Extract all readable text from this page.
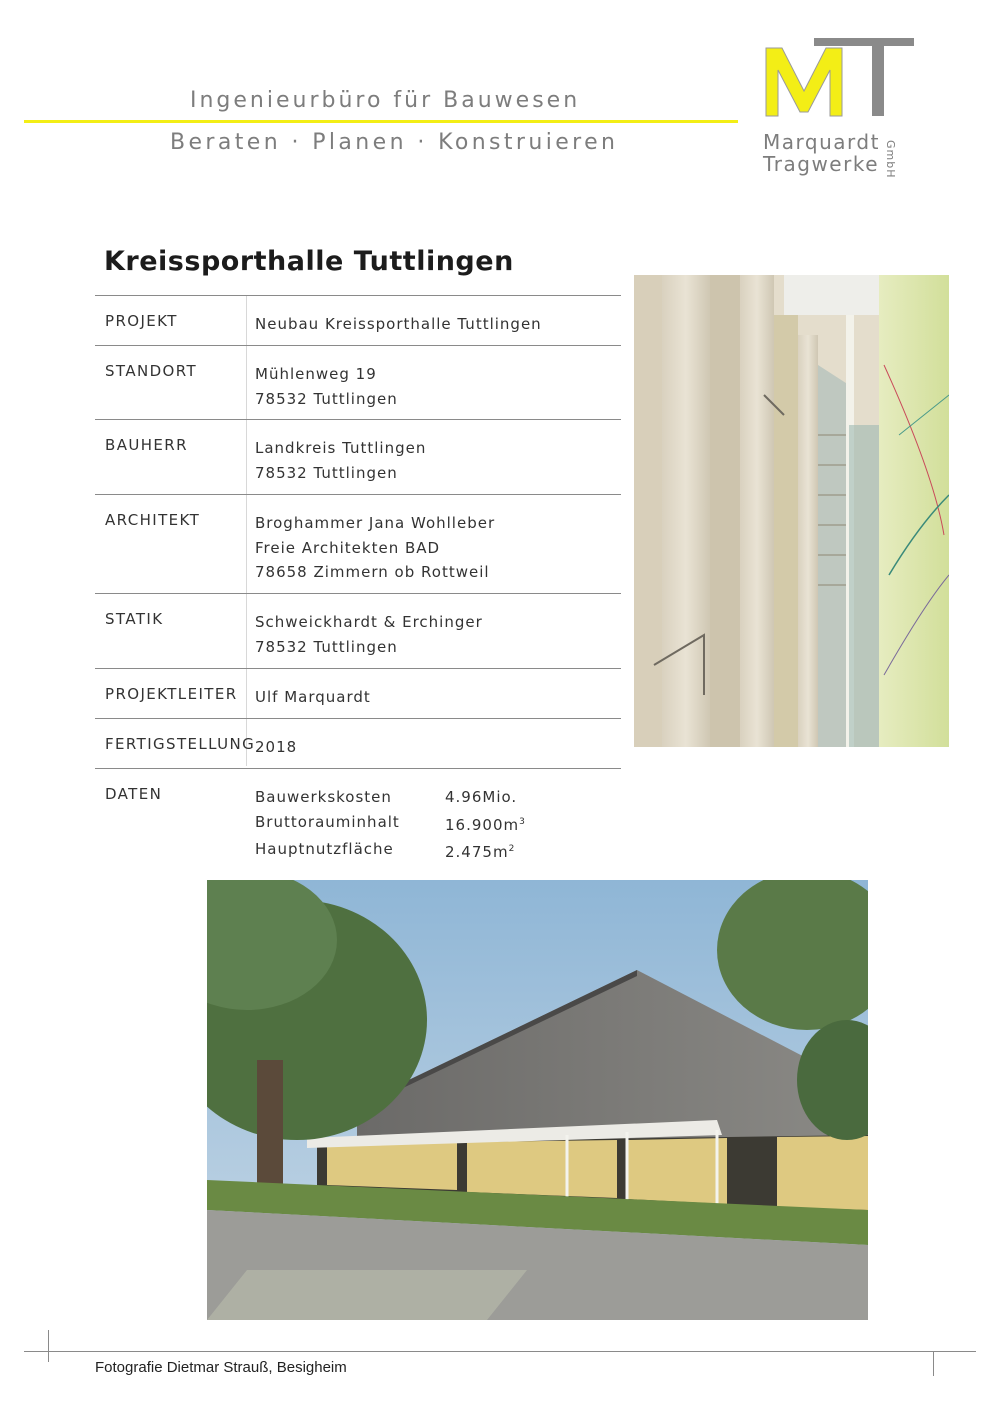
Ingenieurbüro für Bauwesen
Beraten · Planen · Konstruieren	Marquardt
Tragwerke GmbH
Kreissporthalle Tuttlingen
PROJEKT	Neubau Kreissporthalle Tuttlingen
STANDORT	Mühlenweg 19
78532 Tuttlingen
BAUHERR	Landkreis Tuttlingen
78532 Tuttlingen
ARCHITEKT	Broghammer Jana Wohlleber
Freie Architekten BAD
78658 Zimmern ob Rottweil
STATIK	Schweickhardt & Erchinger
78532 Tuttlingen
PROJEKTLEITER Ulf Marquardt
FERTIGSTELLUNG 2018
DATEN	Bauwerkskosten	4.96Mio.
Bruttorauminhalt	$16.900m^3$
Hauptnutzfläche	$2.475m^2$
Fotografie Dietmar Strauß, Besigheim
